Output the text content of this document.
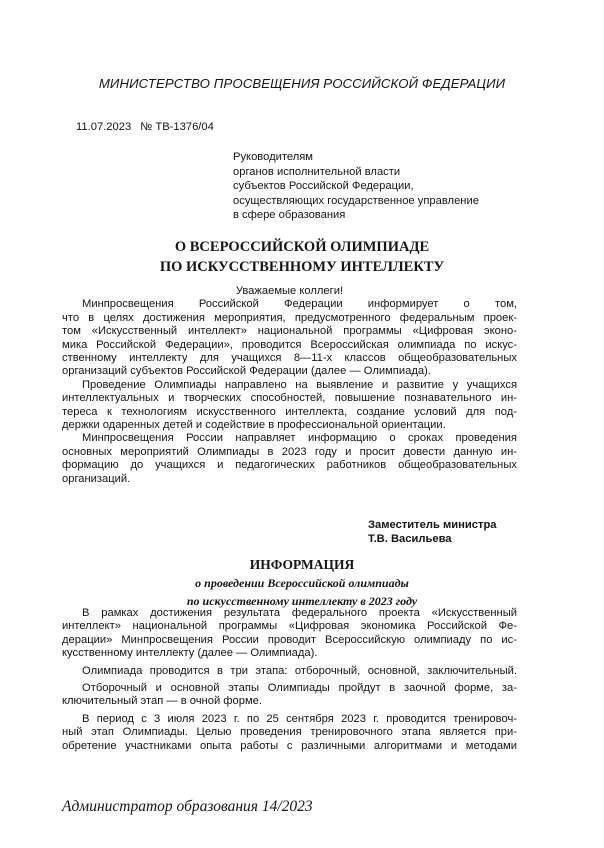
МИНИСТЕРСТВО ПРОСВЕЩЕНИЯ РОССИЙСКОЙ ФЕДЕРАЦИИ
11.07.2023 № ТВ-1376/04
Руководителям
органов исполнительной власти
субъектов Российской Федерации,
осуществляющих государственное управление
в сфере образования
О ВСЕРОССИЙСКОЙ ОЛИМПИАДЕ
ПО ИСКУССТВЕННОМУ ИНТЕЛЛЕКТУ
Уважаемые коллеги!
Минпросвещения Российской Федерации информирует о том,
что в целях достижения мероприятия, предусмотренного федеральным проек-
том «Искусственный интеллект» национальной программы «Цифровая эконо-
мика Российской Федерации», проводится Всероссийская олимпиада по искус-
ственному интеллекту для учащихся 8—11-х классов общеобразовательных
организаций субъектов Российской Федерации (далее — Олимпиада).
Проведение Олимпиады направлено на выявление и развитие у учащихся
интеллектуальных и творческих способностей, повышение познавательного ин-
тереса к технологиям искусственного интеллекта, создание условий для под-
держки одаренных детей и содействие в профессиональной ориентации.
Минпросвещения России направляет информацию о сроках проведения
основных мероприятий Олимпиады в 2023 году и просит довести данную ин-
формацию до учащихся и педагогических работников общеобразовательных
организаций.
Заместитель министра
Т.В. Васильева
ИНФОРМАЦИЯ
о проведении Всероссийской олимпиады
по искусственному интеллекту в 2023 году
В рамках достижения результата федерального проекта «Искусственный
интеллект» национальной программы «Цифровая экономика Российской Фе-
дерации» Минпросвещения России проводит Всероссийскую олимпиаду по ис-
кусственному интеллекту (далее — Олимпиада).
Олимпиада проводится в три этапа: отборочный, основной, заключительный.
Отборочный и основной этапы Олимпиады пройдут в заочной форме, за-
ключительный этап — в очной форме.
В период с 3 июля 2023 г. по 25 сентября 2023 г. проводится тренировоч-
ный этап Олимпиады. Целью проведения тренировочного этапа является при-
обретение участниками опыта работы с различными алгоритмами и методами
Администратор образования 14/2023
